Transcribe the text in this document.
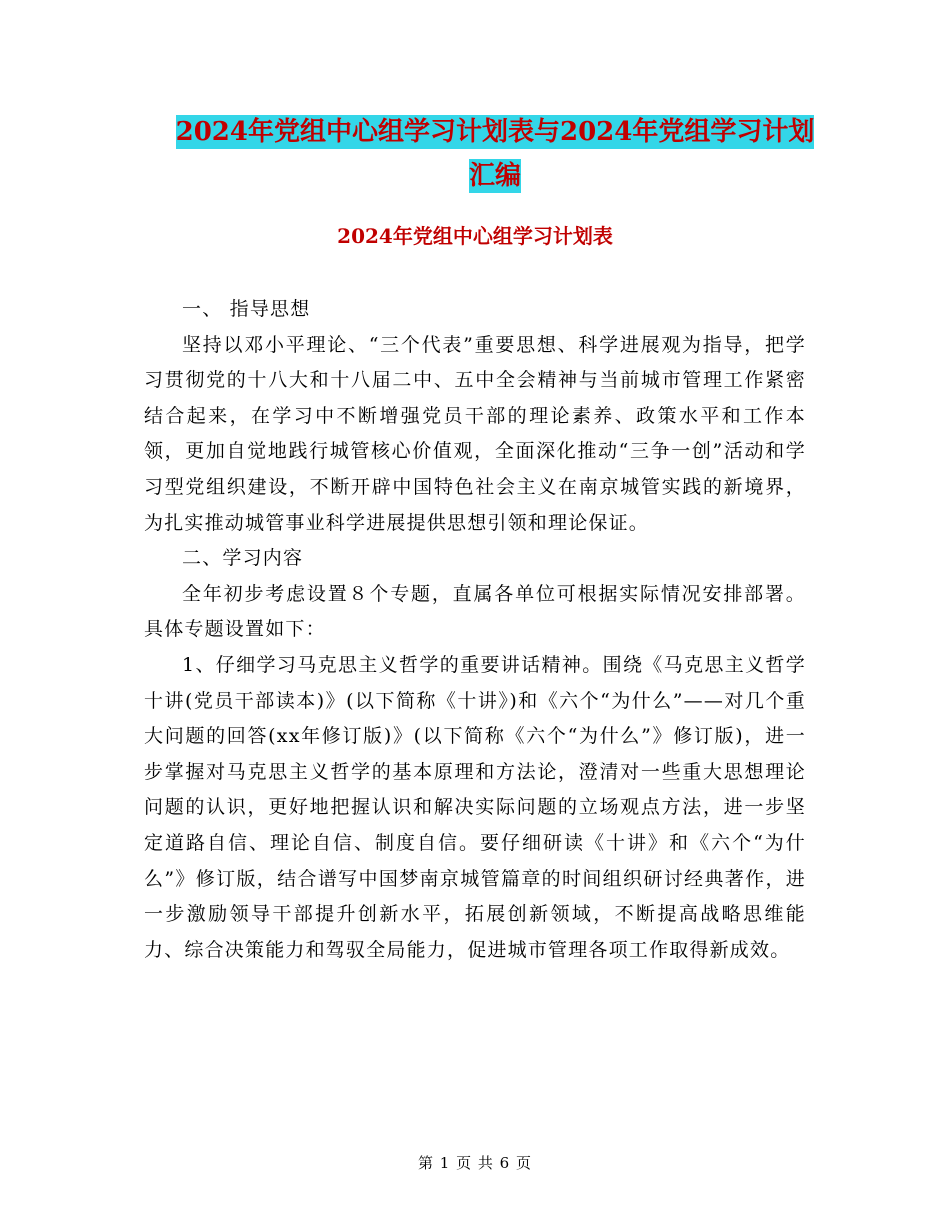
2024年党组中心组学习计划表与2024年党组学习计划
汇编
2024年党组中心组学习计划表

一、 指导思想

坚持以邓小平理论、“三个代表”重要思想、科学进展观为指导，把学习贯彻党的十八大和十八届二中、五中全会精神与当前城市管理工作紧密结合起来，在学习中不断增强党员干部的理论素养、政策水平和工作本领，更加自觉地践行城管核心价值观，全面深化推动“三争一创”活动和学习型党组织建设，不断开辟中国特色社会主义在南京城管实践的新境界，为扎实推动城管事业科学进展提供思想引领和理论保证。

二、学习内容

全年初步考虑设置８个专题，直属各单位可根据实际情况安排部署。具体专题设置如下：

1、仔细学习马克思主义哲学的重要讲话精神。围绕《马克思主义哲学十讲(党员干部读本)》(以下简称《十讲》)和《六个“为什么”——对几个重大问题的回答(xx年修订版)》(以下简称《六个“为什么”》修订版)，进一步掌握对马克思主义哲学的基本原理和方法论，澄清对一些重大思想理论问题的认识，更好地把握认识和解决实际问题的立场观点方法，进一步坚定道路自信、理论自信、制度自信。要仔细研读《十讲》和《六个“为什么”》修订版，结合谱写中国梦南京城管篇章的时间组织研讨经典著作，进一步激励领导干部提升创新水平，拓展创新领域，不断提高战略思维能力、综合决策能力和驾驭全局能力，促进城市管理各项工作取得新成效。

第 1 页 共 6 页
